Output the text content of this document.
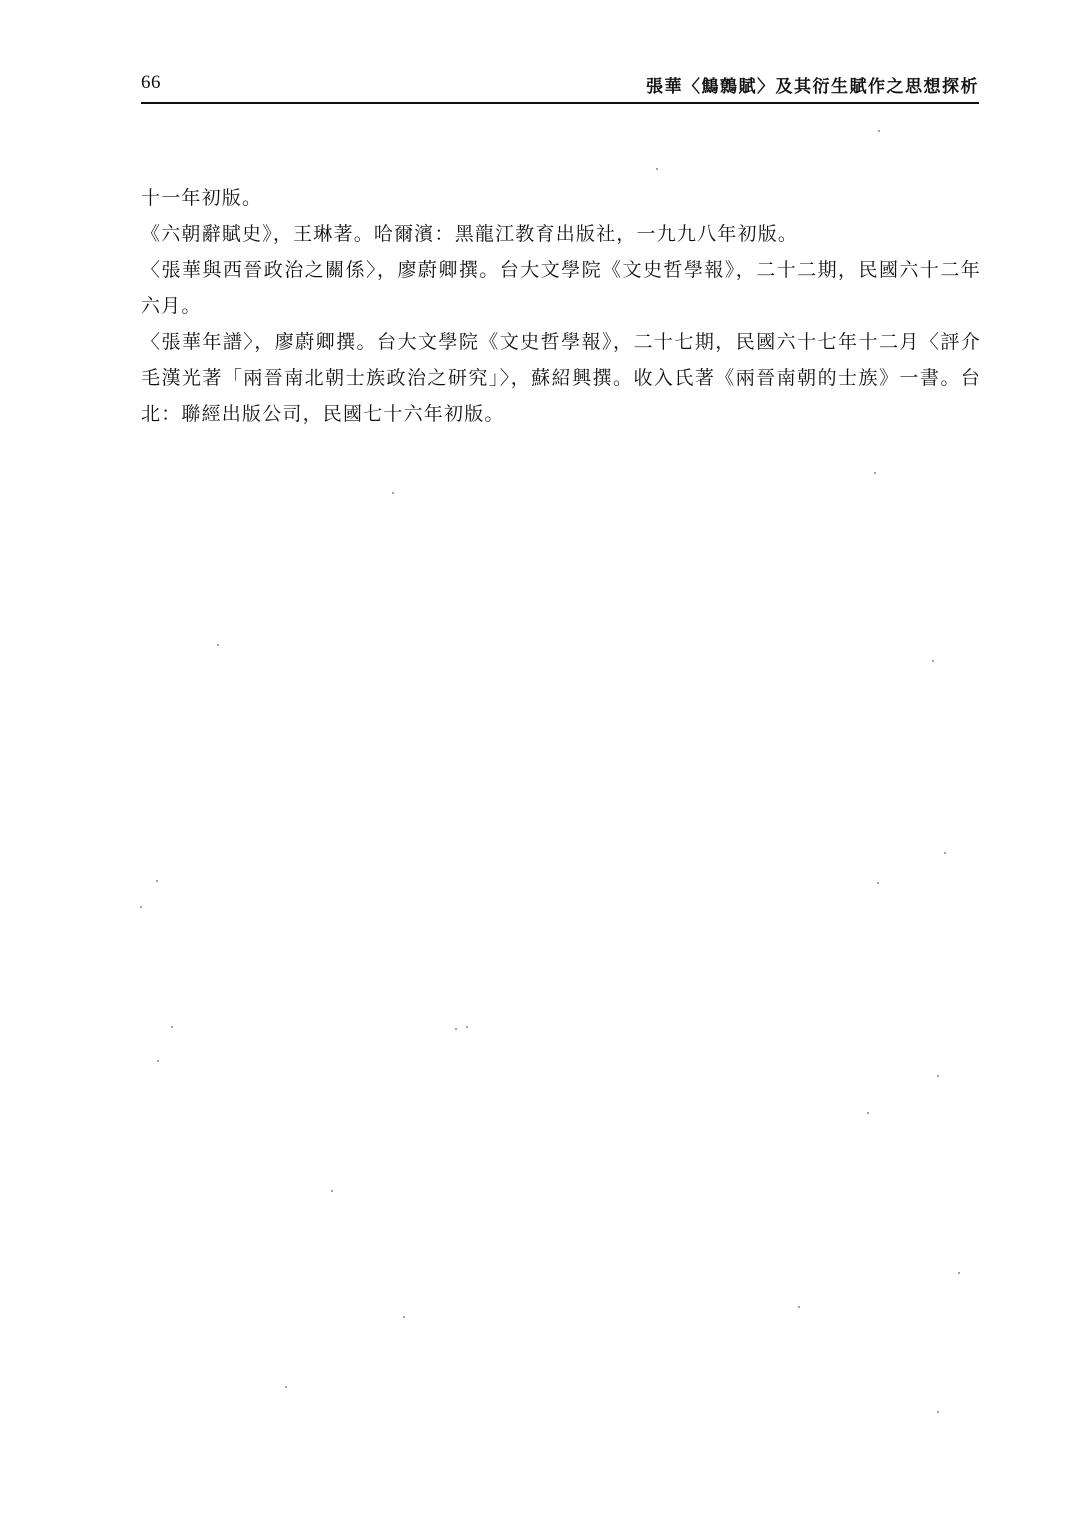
66	張華〈鷦鷯賦〉及其衍生賦作之思想探析

十一年初版。

《六朝辭賦史》，王琳著。哈爾濱：黑龍江教育出版社，一九九八年初版。

〈張華與西晉政治之關係〉，廖蔚卿撰。台大文學院《文史哲學報》，二十二期，民國六十二年六月。

〈張華年譜〉，廖蔚卿撰。台大文學院《文史哲學報》，二十七期，民國六十七年十二月〈評介毛漢光著「兩晉南北朝士族政治之研究」〉，蘇紹興撰。收入氏著《兩晉南朝的士族》一書。台北：聯經出版公司，民國七十六年初版。
